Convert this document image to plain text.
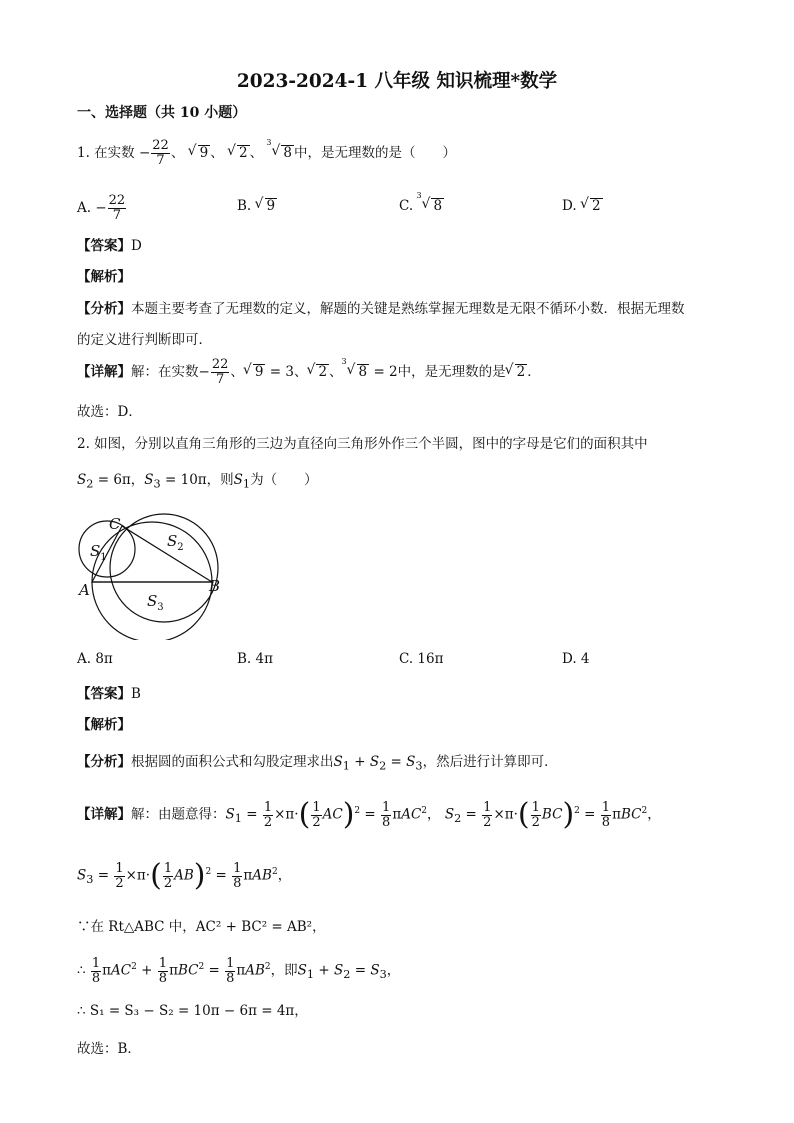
2023-2024-1 八年级 知识梳理*数学
一、选择题（共 10 小题）
1. 在实数 − $\frac{22}{7}$ 、 √ 9 、 √ 2 、
√ 3
8 中，是无理数的是（　　）
A. − $\frac{22}{7}$	B. √ 9	C.
√ 3
8	D. √ 2
【答案】D
【解析】
【分析】本题主要考查了无理数的定义，解题的关键是熟练掌握无理数是无限不循环小数．根据无理数
的定义进行判断即可．
【详解】解：在实数− $\frac{22}{7}$ 、 √ 9 = 3、 √ 2 、
√ 3
8 = 2中，是无理数的是 √ 2 ．
故选：D．
2. 如图，分别以直角三角形的三边为直径向三角形外作三个半圆，图中的字母是它们的面积其中
$S_2 = 6\pi$，$S_3 = 10\pi$，则$S_1$为（　　）
C
A	B
$S_1$
$S_2$
$S_3$
A. 8π	B. 4π	C. 16π	D. 4
【答案】B
【解析】
【分析】根据圆的面积公式和勾股定理求出$S_1 + S_2 = S_3$，然后进行计算即可．
【详解】解：由题意得：$S_1 = \frac{1}{2} \times\pi\cdot( \frac{1}{2} AC)^2 = \frac{1}{8} \pi AC^2$， $S_2 = \frac{1}{2} \times\pi\cdot( \frac{1}{2} BC)^2 = \frac{1}{8} \pi BC^2$，
$S_3 = \frac{1}{2} \times\pi\cdot( \frac{1}{2} AB)^2 = \frac{1}{8} \pi AB^2$，
∵在 Rt△ABC 中，AC² + BC² = AB²，
∴ $\frac{1}{8} \pi AC^2 + \frac{1}{8} \pi BC^2 = \frac{1}{8} \pi AB^2$，即$S_1 + S_2 = S_3$，
∴ S₁ = S₃ − S₂ = 10π − 6π = 4π，
故选：B．
